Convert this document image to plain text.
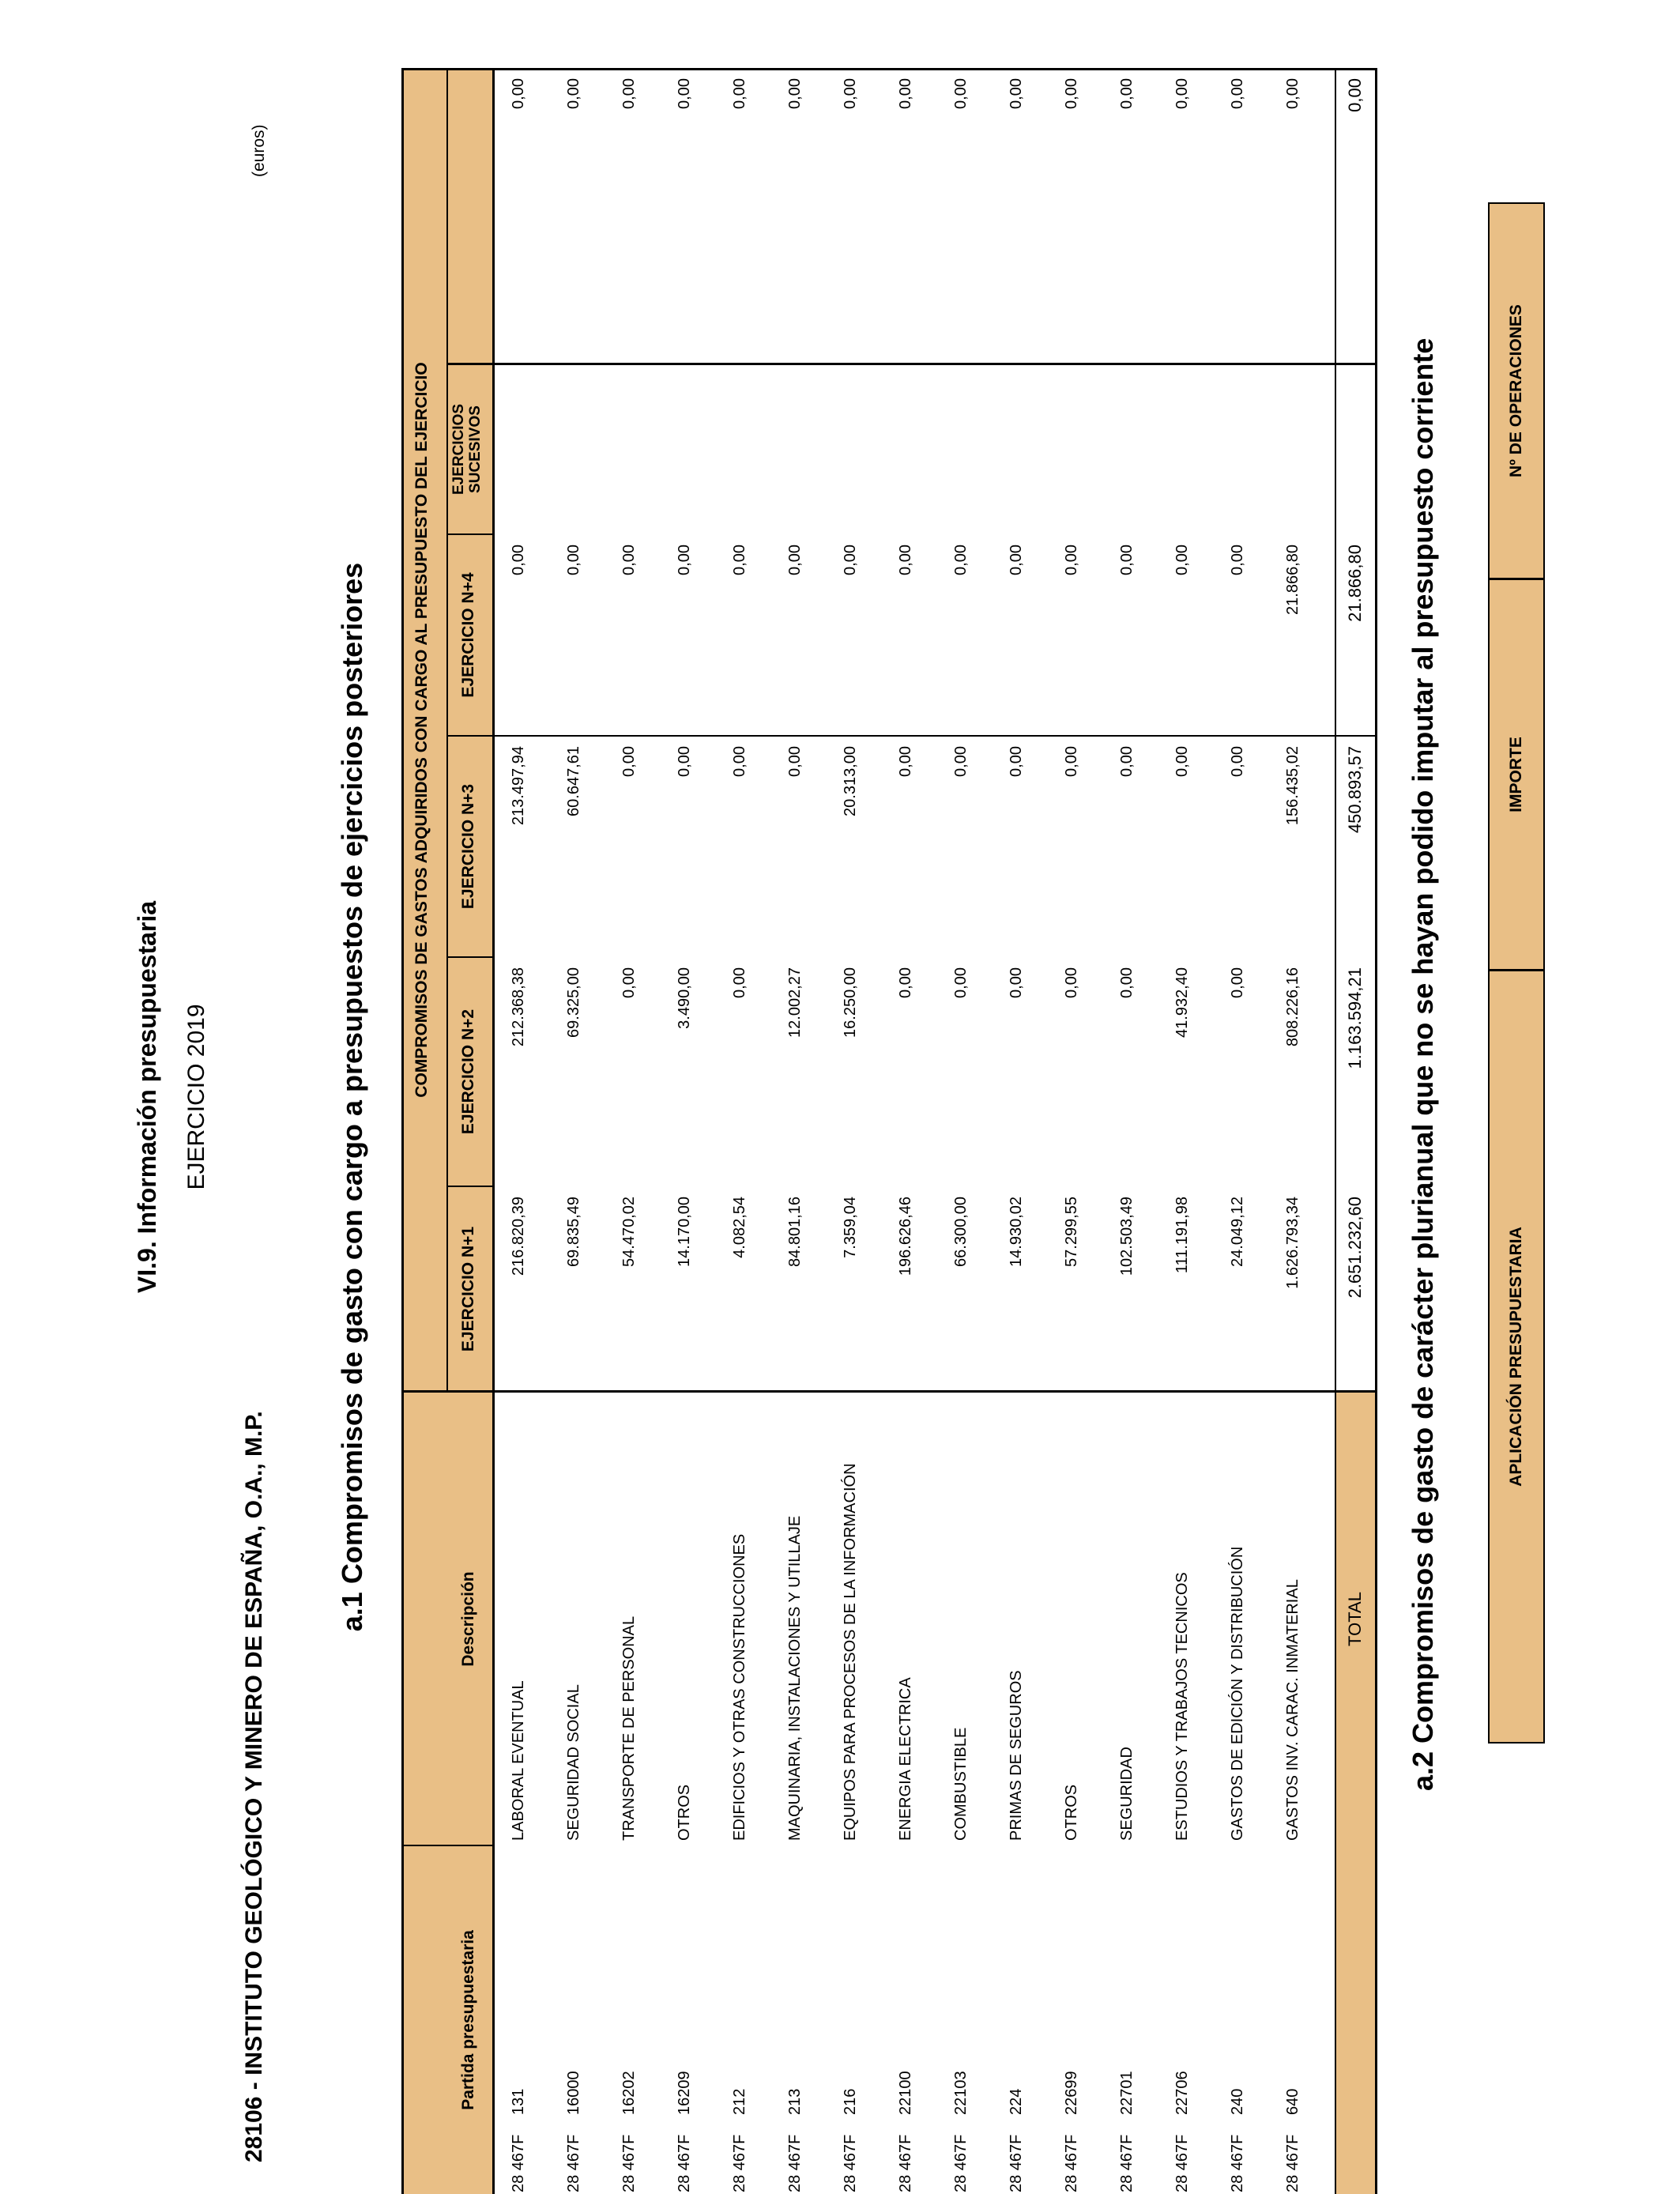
VI.9. Información presupuestaria EJERCICIO 2019
28106 - INSTITUTO GEOLÓGICO Y MINERO DE ESPAÑA, O.A., M.P.
(euros)
a.1 Compromisos de gasto con cargo a presupuestos de ejercicios posteriores	COMPROMISOS DE GASTOS ADQUIRIDOS CON CARGO AL PRESUPUESTO DEL EJERCICIO
Partida presupuestaria
Descripción
EJERCICIO N+1
EJERCICIO N+2
EJERCICIO N+3
EJERCICIO N+4
EJERCICIOS SUCESIVOS
28 467F
131
LABORAL EVENTUAL
216.820,39
212.368,38
213.497,94
0,00
0,00
28 467F
16000
SEGURIDAD SOCIAL
69.835,49
69.325,00
60.647,61
0,00
0,00
28 467F
16202
TRANSPORTE DE PERSONAL
54.470,02
0,00
0,00
0,00
0,00
28 467F
16209
OTROS
14.170,00
3.490,00
0,00
0,00
0,00
28 467F
212
EDIFICIOS Y OTRAS CONSTRUCCIONES
4.082,54
0,00
0,00
0,00
0,00
28 467F
213
MAQUINARIA, INSTALACIONES Y UTILLAJE
84.801,16
12.002,27
0,00
0,00
0,00
28 467F
216
EQUIPOS PARA PROCESOS DE LA INFORMACIÓN
7.359,04
16.250,00
20.313,00
0,00
0,00
28 467F
22100
ENERGIA ELECTRICA
196.626,46
0,00
0,00
0,00
0,00
28 467F
22103
COMBUSTIBLE
66.300,00
0,00
0,00
0,00
0,00
28 467F
224
PRIMAS DE SEGUROS
14.930,02
0,00
0,00
0,00
0,00
28 467F
22699
OTROS
57.299,55
0,00
0,00
0,00
0,00
28 467F
22701
SEGURIDAD
102.503,49
0,00
0,00
0,00
0,00
28 467F
22706
ESTUDIOS Y TRABAJOS TECNICOS
111.191,98
41.932,40
0,00
0,00
0,00
28 467F
240
GASTOS DE EDICIÓN Y DISTRIBUCIÓN
24.049,12
0,00
0,00
0,00
0,00
28 467F
640
GASTOS INV. CARAC. INMATERIAL
1.626.793,34
808.226,16
156.435,02
21.866,80
0,00
TOTAL
2.651.232,60
1.163.594,21
450.893,57
21.866,80
0,00
a.2 Compromisos de gasto de carácter plurianual que no se hayan podido imputar al presupuesto corriente	APLICACIÓN PRESUPUESTARIA
IMPORTE
Nº DE OPERACIONES
